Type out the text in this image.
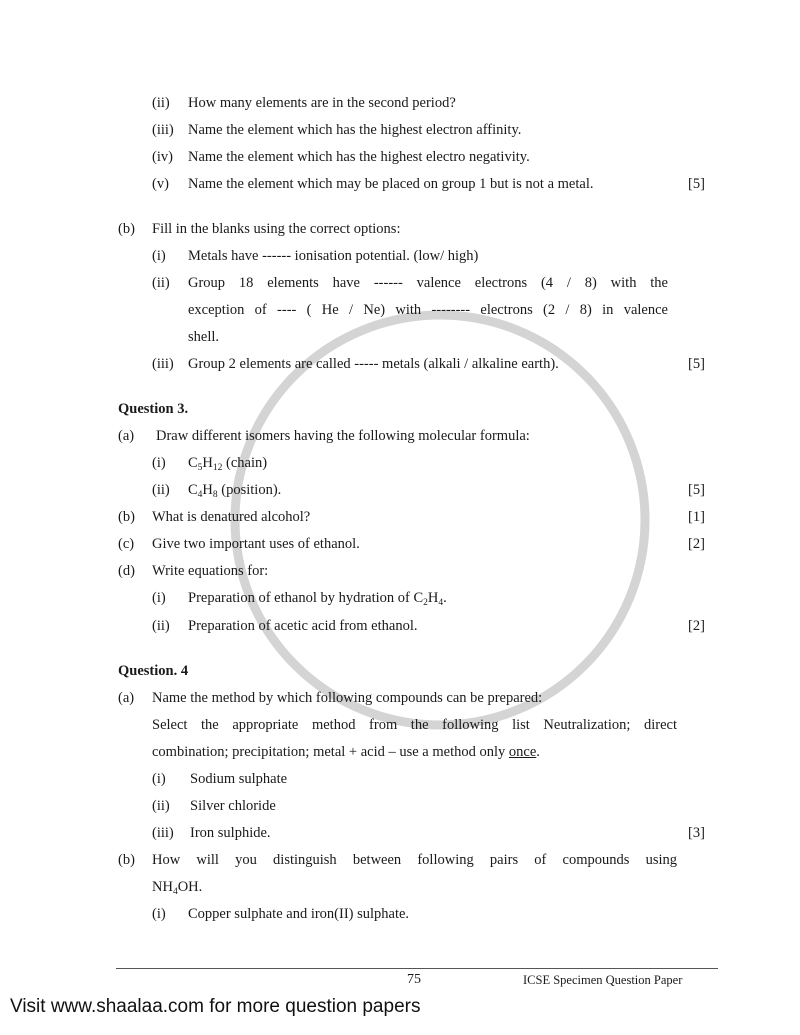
(ii) How many elements are in the second period?
(iii) Name the element which has the highest electron affinity.
(iv) Name the element which has the highest electro negativity.
(v) Name the element which may be placed on group 1 but is not a metal.	[5]
(b) Fill in the blanks using the correct options:
(i) Metals have ------ ionisation potential. (low/ high)
(ii) Group 18 elements have ------ valence electrons (4 / 8) with the
exception of ---- ( He / Ne) with -------- electrons (2 / 8) in valence
shell.
(iii) Group 2 elements are called ----- metals (alkali / alkaline earth).	[5]
Question 3.
(a) Draw different isomers having the following molecular formula:
(i) $C_5H_{12}$ (chain)
(ii) $C_4H_8$ (position).	[5]
(b) What is denatured alcohol?	[1]
(c) Give two important uses of ethanol.	[2]
(d) Write equations for:
(i) Preparation of ethanol by hydration of $C_2H_4$.
(ii) Preparation of acetic acid from ethanol.	[2]
Question. 4
(a) Name the method by which following compounds can be prepared:
Select the appropriate method from the following list Neutralization; direct
combination; precipitation; metal + acid – use a method only once.
(i) Sodium sulphate
(ii) Silver chloride
(iii) Iron sulphide.	[3]
(b) How will you distinguish between following pairs of compounds using
$NH_4OH$.
(i) Copper sulphate and iron(II) sulphate.
75	ICSE Specimen Question Paper
Visit www.shaalaa.com for more question papers
